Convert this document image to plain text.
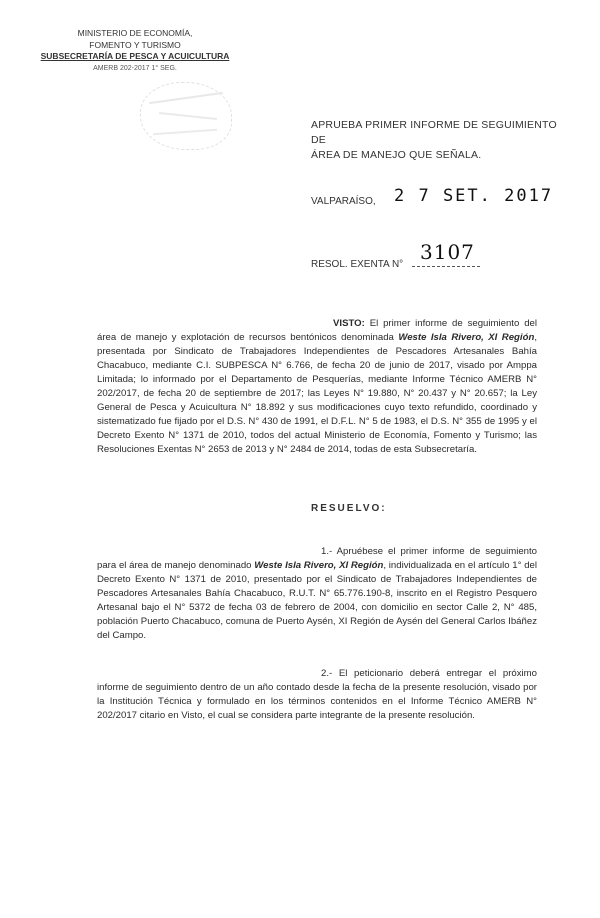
MINISTERIO DE ECONOMÍA,
FOMENTO Y TURISMO
SUBSECRETARÍA DE PESCA Y ACUICULTURA
AMERB 202-2017 1° SEG.
APRUEBA PRIMER INFORME DE SEGUIMIENTO DE
ÁREA DE MANEJO QUE SEÑALA.
VALPARAÍSO, 2 7 SET. 2017
RESOL. EXENTA N°
3107
VISTO: El primer informe de seguimiento del área de manejo y explotación de recursos bentónicos denominada Weste Isla Rivero, XI Región, presentada por Sindicato de Trabajadores Independientes de Pescadores Artesanales Bahía Chacabuco, mediante C.I. SUBPESCA N° 6.766, de fecha 20 de junio de 2017, visado por Amppa Limitada; lo informado por el Departamento de Pesquerías, mediante Informe Técnico AMERB N° 202/2017, de fecha 20 de septiembre de 2017; las Leyes N° 19.880, N° 20.437 y N° 20.657; la Ley General de Pesca y Acuicultura N° 18.892 y sus modificaciones cuyo texto refundido, coordinado y sistematizado fue fijado por el D.S. N° 430 de 1991, el D.F.L. N° 5 de 1983, el D.S. N° 355 de 1995 y el Decreto Exento N° 1371 de 2010, todos del actual Ministerio de Economía, Fomento y Turismo; las Resoluciones Exentas N° 2653 de 2013 y N° 2484 de 2014, todas de esta Subsecretaría.
RESUELVO:
1.- Apruébese el primer informe de seguimiento para el área de manejo denominado Weste Isla Rivero, XI Región, individualizada en el artículo 1° del Decreto Exento N° 1371 de 2010, presentado por el Sindicato de Trabajadores Independientes de Pescadores Artesanales Bahía Chacabuco, R.U.T. N° 65.776.190-8, inscrito en el Registro Pesquero Artesanal bajo el N° 5372 de fecha 03 de febrero de 2004, con domicilio en sector Calle 2, N° 485, población Puerto Chacabuco, comuna de Puerto Aysén, XI Región de Aysén del General Carlos Ibáñez del Campo.
2.- El peticionario deberá entregar el próximo informe de seguimiento dentro de un año contado desde la fecha de la presente resolución, visado por la Institución Técnica y formulado en los términos contenidos en el Informe Técnico AMERB N° 202/2017 citario en Visto, el cual se considera parte integrante de la presente resolución.
